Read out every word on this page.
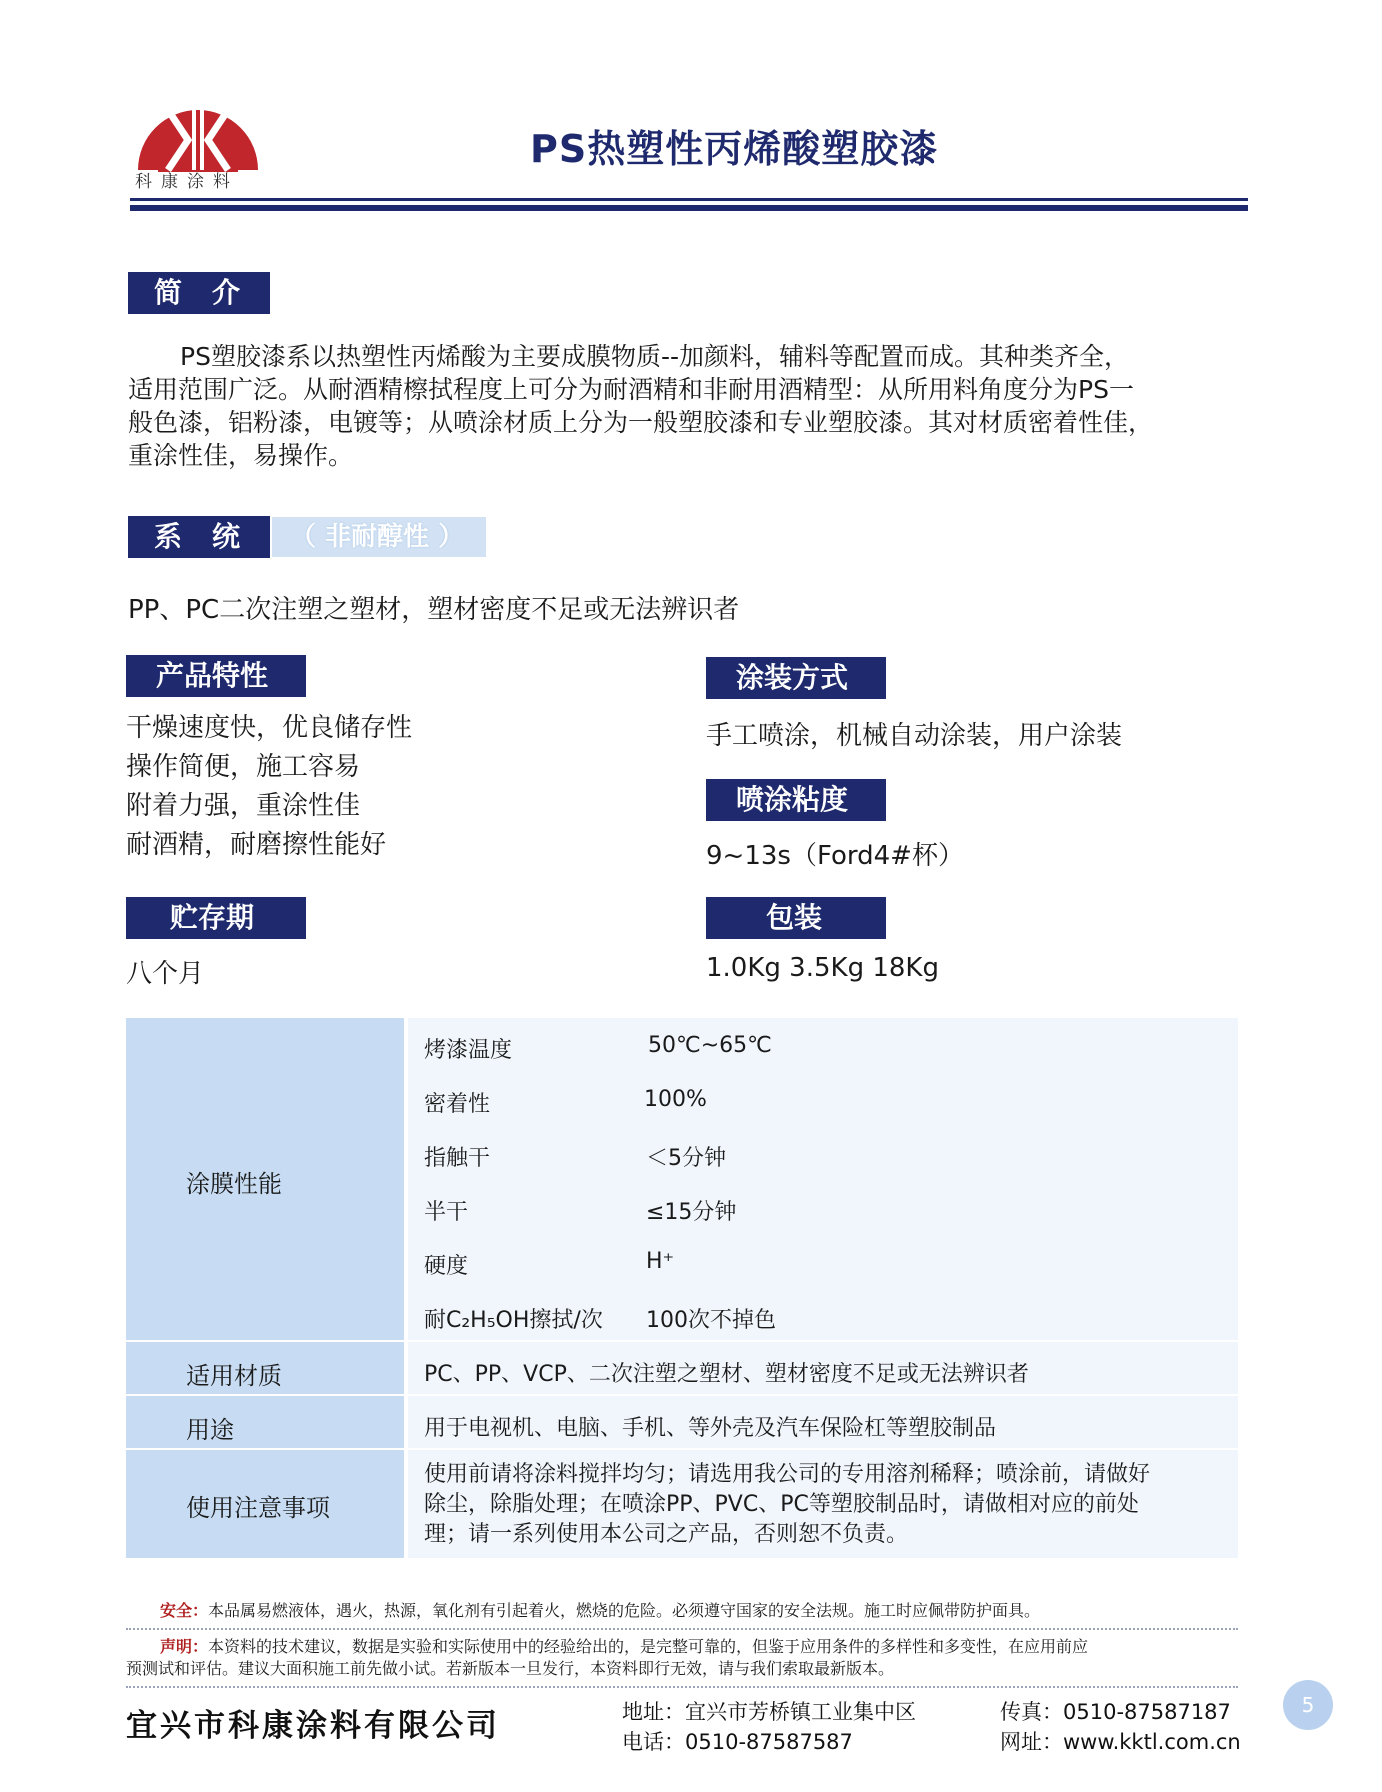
科康涂料
PS热塑性丙烯酸塑胶漆
简介
PS塑胶漆系以热塑性丙烯酸为主要成膜物质--加颜料，辅料等配置而成。其种类齐全，
适用范围广泛。从耐酒精檫拭程度上可分为耐酒精和非耐用酒精型：从所用料角度分为PS一
般色漆，铝粉漆，电镀等；从喷涂材质上分为一般塑胶漆和专业塑胶漆。其对材质密着性佳，
重涂性佳，易操作。
系统	（ 非耐醇性 ）
PP、PC二次注塑之塑材，塑材密度不足或无法辨识者
产品特性
干燥速度快，优良储存性
操作简便，施工容易
附着力强，重涂性佳
耐酒精，耐磨擦性能好
涂装方式
手工喷涂，机械自动涂装，用户涂装
喷涂粘度
9~13s（Ford4#杯）
贮存期
八个月
包装
1.0Kg 3.5Kg 18Kg
涂膜性能
烤漆温度	50℃~65℃
密着性	100%
指触干	＜5分钟
半干	≤15分钟
硬度	H⁺
耐C₂H₅OH擦拭/次 100次不掉色
适用材质	PC、PP、VCP、二次注塑之塑材、塑材密度不足或无法辨识者
用途	用于电视机、电脑、手机、等外壳及汽车保险杠等塑胶制品
使用注意事项
使用前请将涂料搅拌均匀；请选用我公司的专用溶剂稀释；喷涂前，请做好
除尘，除脂处理；在喷涂PP、PVC、PC等塑胶制品时，请做相对应的前处
理；请一系列使用本公司之产品，否则恕不负责。
安全：本品属易燃液体，遇火，热源，氧化剂有引起着火，燃烧的危险。必须遵守国家的安全法规。施工时应佩带防护面具。
声明：本资料的技术建议，数据是实验和实际使用中的经验给出的，是完整可靠的，但鉴于应用条件的多样性和多变性，在应用前应
预测试和评估。建议大面积施工前先做小试。若新版本一旦发行，本资料即行无效，请与我们索取最新版本。
宜兴市科康涂料有限公司	地址：宜兴市芳桥镇工业集中区
电话：0510-87587587
传真：0510-87587187
网址：www.kktl.com.cn
5
